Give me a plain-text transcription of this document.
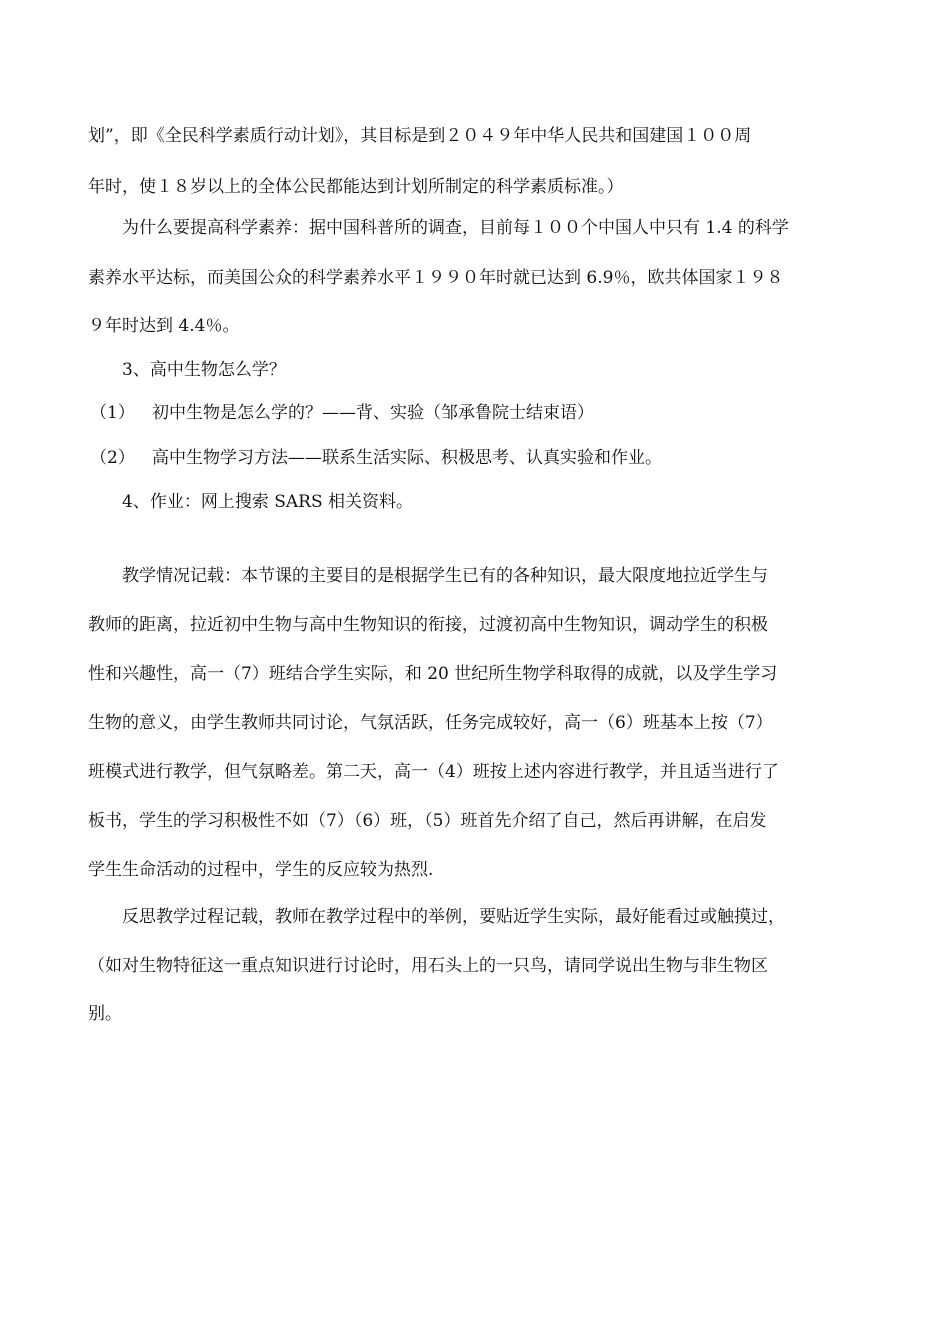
划”，即《全民科学素质行动计划》，其目标是到２０４９年中华人民共和国建国１００周
年时，使１８岁以上的全体公民都能达到计划所制定的科学素质标准。）
为什么要提高科学素养：据中国科普所的调查，目前每１００个中国人中只有 1.4 的科学
素养水平达标，而美国公众的科学素养水平１９９０年时就已达到 6.9％，欧共体国家１９８
９年时达到 4.4％。
3、高中生物怎么学？
（1） 初中生物是怎么学的？——背、实验（邹承鲁院士结束语）
（2） 高中生物学习方法——联系生活实际、积极思考、认真实验和作业。
4、作业：网上搜索 SARS 相关资料。
教学情况记载：本节课的主要目的是根据学生已有的各种知识，最大限度地拉近学生与
教师的距离，拉近初中生物与高中生物知识的衔接，过渡初高中生物知识，调动学生的积极
性和兴趣性，高一（7）班结合学生实际，和 20 世纪所生物学科取得的成就，以及学生学习
生物的意义，由学生教师共同讨论，气氛活跃，任务完成较好，高一（6）班基本上按（7）
班模式进行教学，但气氛略差。第二天，高一（4）班按上述内容进行教学，并且适当进行了
板书，学生的学习积极性不如（7）（6）班，（5）班首先介绍了自己，然后再讲解，在启发
学生生命活动的过程中，学生的反应较为热烈.
反思教学过程记载，教师在教学过程中的举例，要贴近学生实际，最好能看过或触摸过，
（如对生物特征这一重点知识进行讨论时，用石头上的一只鸟，请同学说出生物与非生物区
别。
